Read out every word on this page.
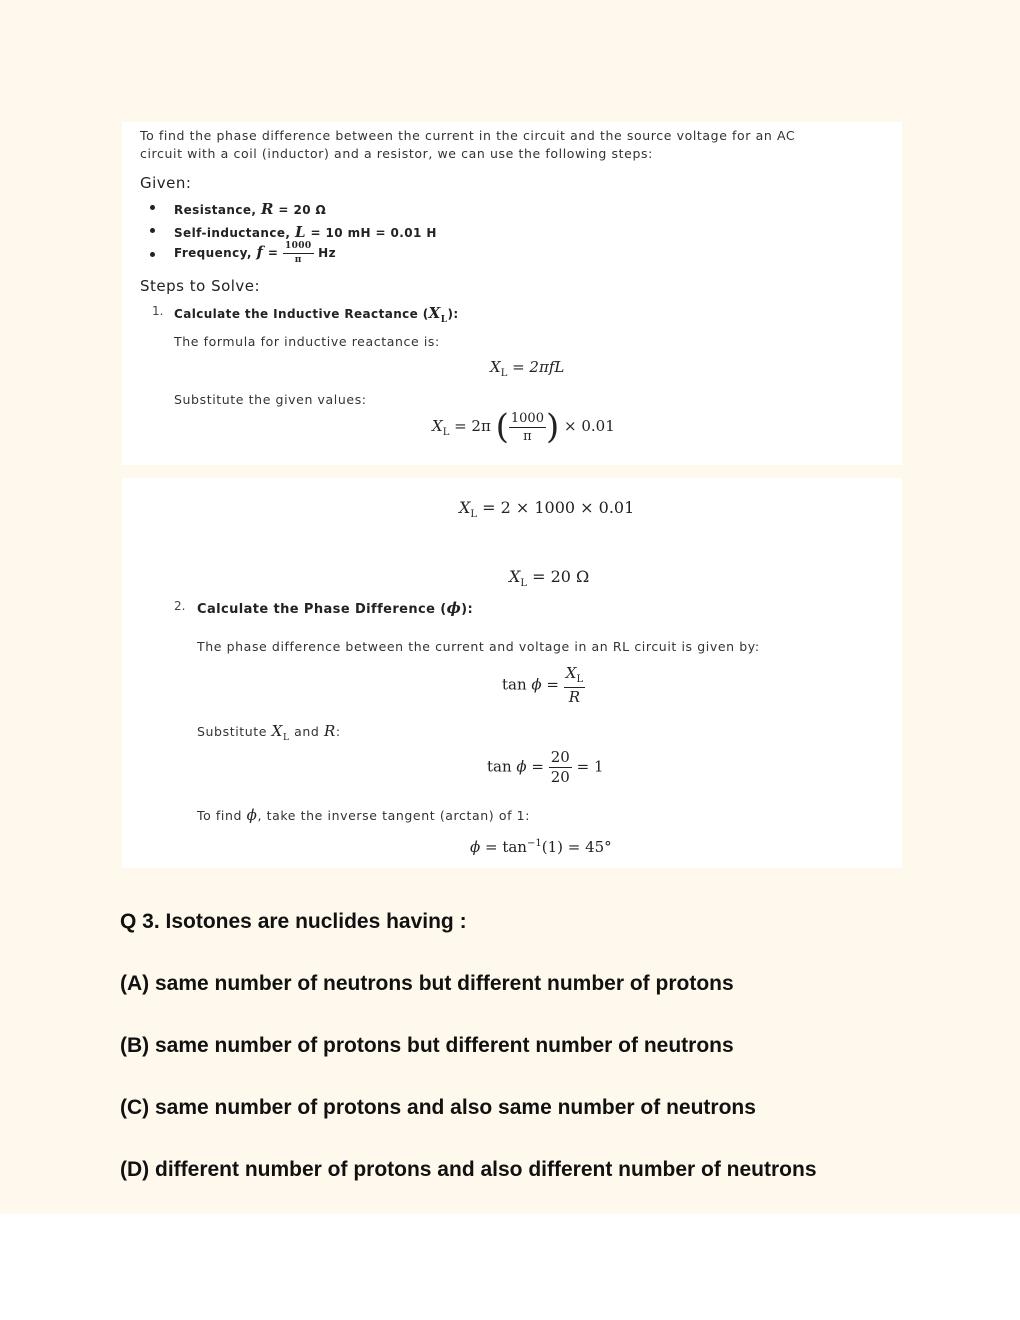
To find the phase difference between the current in the circuit and the source voltage for an AC
circuit with a coil (inductor) and a resistor, we can use the following steps:
Given:
Resistance, R = 20 Ω
Self-inductance, L = 10 mH = 0.01 H
Frequency, $f = \frac{1000}{\pi}$ Hz
Steps to Solve:
1. Calculate the Inductive Reactance $(X_L)$:
The formula for inductive reactance is:
$X_L = 2\pi fL$
Substitute the given values:
$X_L = 2\pi$ ( $\frac{1000}{\pi}$ ) × 0.01
$X_L = 2 \times 1000 \times 0.01$
$X_L = 20$ Ω
2. Calculate the Phase Difference (ϕ):
The phase difference between the current and voltage in an RL circuit is given by:
$\tan \phi = \frac{X_L}{R}$
Substitute $X_L$ and R:
$\tan \phi = \frac{20}{20} = 1$
To find ϕ, take the inverse tangent (arctan) of 1:
$\phi = \tan^{-1}(1) = 45^\circ$
Q 3. Isotones are nuclides having :
(A) same number of neutrons but different number of protons
(B) same number of protons but different number of neutrons
(C) same number of protons and also same number of neutrons
(D) different number of protons and also different number of neutrons
